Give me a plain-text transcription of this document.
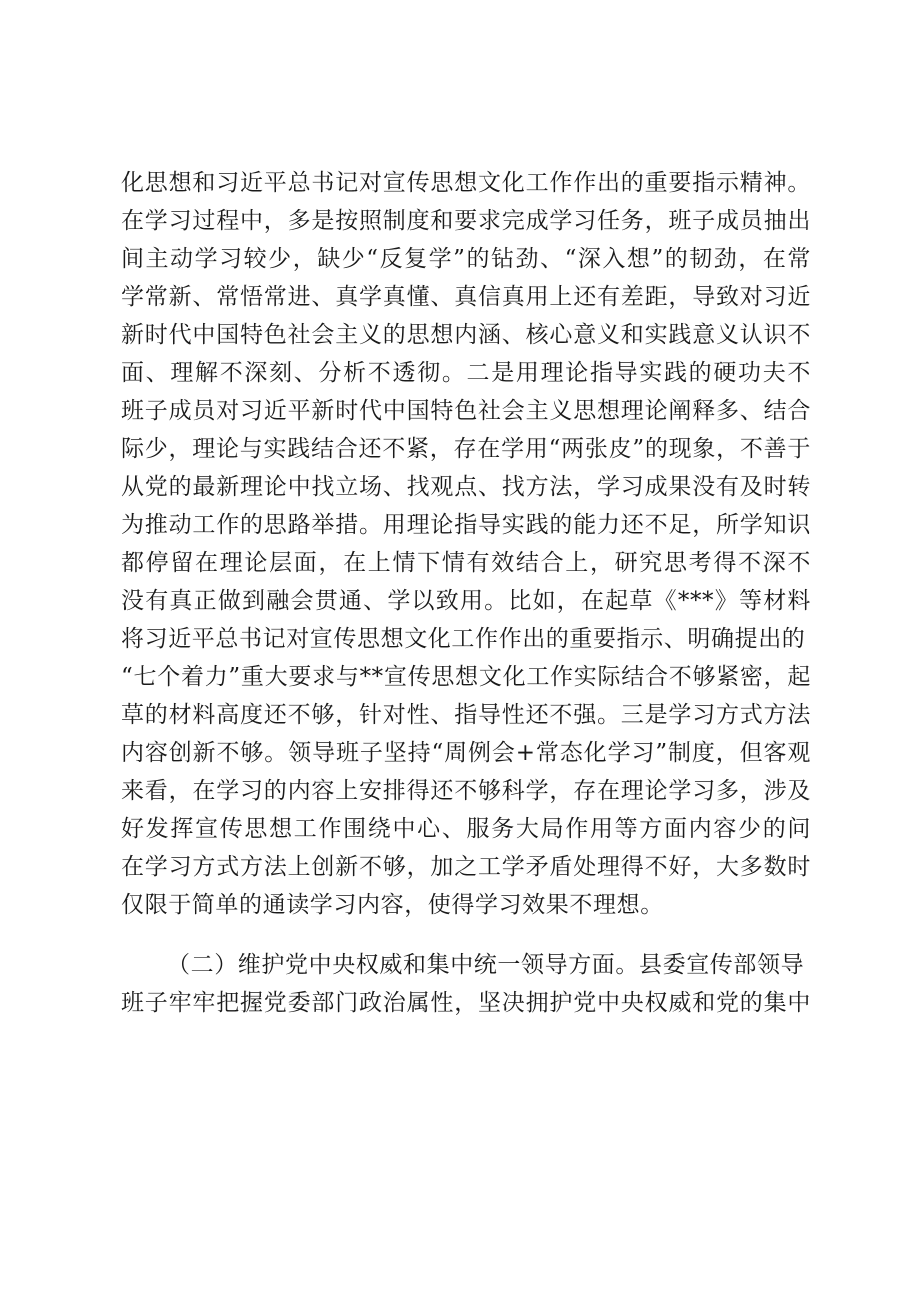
化思想和习近平总书记对宣传思想文化工作作出的重要指示精神。
在学习过程中，多是按照制度和要求完成学习任务，班子成员抽出
间主动学习较少，缺少“反复学”的钻劲、“深入想”的韧劲，在常
学常新、常悟常进、真学真懂、真信真用上还有差距，导致对习近
新时代中国特色社会主义的思想内涵、核心意义和实践意义认识不
面、理解不深刻、分析不透彻。二是用理论指导实践的硬功夫不
班子成员对习近平新时代中国特色社会主义思想理论阐释多、结合
际少，理论与实践结合还不紧，存在学用“两张皮”的现象，不善于
从党的最新理论中找立场、找观点、找方法，学习成果没有及时转
为推动工作的思路举措。用理论指导实践的能力还不足，所学知识
都停留在理论层面，在上情下情有效结合上，研究思考得不深不
没有真正做到融会贯通、学以致用。比如，在起草《***》等材料
将习近平总书记对宣传思想文化工作作出的重要指示、明确提出的
“七个着力”重大要求与**宣传思想文化工作实际结合不够紧密，起
草的材料高度还不够，针对性、指导性还不强。三是学习方式方法
内容创新不够。领导班子坚持“周例会+常态化学习”制度，但客观
来看，在学习的内容上安排得还不够科学，存在理论学习多，涉及
好发挥宣传思想工作围绕中心、服务大局作用等方面内容少的问
在学习方式方法上创新不够，加之工学矛盾处理得不好，大多数时
仅限于简单的通读学习内容，使得学习效果不理想。
（二）维护党中央权威和集中统一领导方面。县委宣传部领导
班子牢牢把握党委部门政治属性，坚决拥护党中央权威和党的集中
